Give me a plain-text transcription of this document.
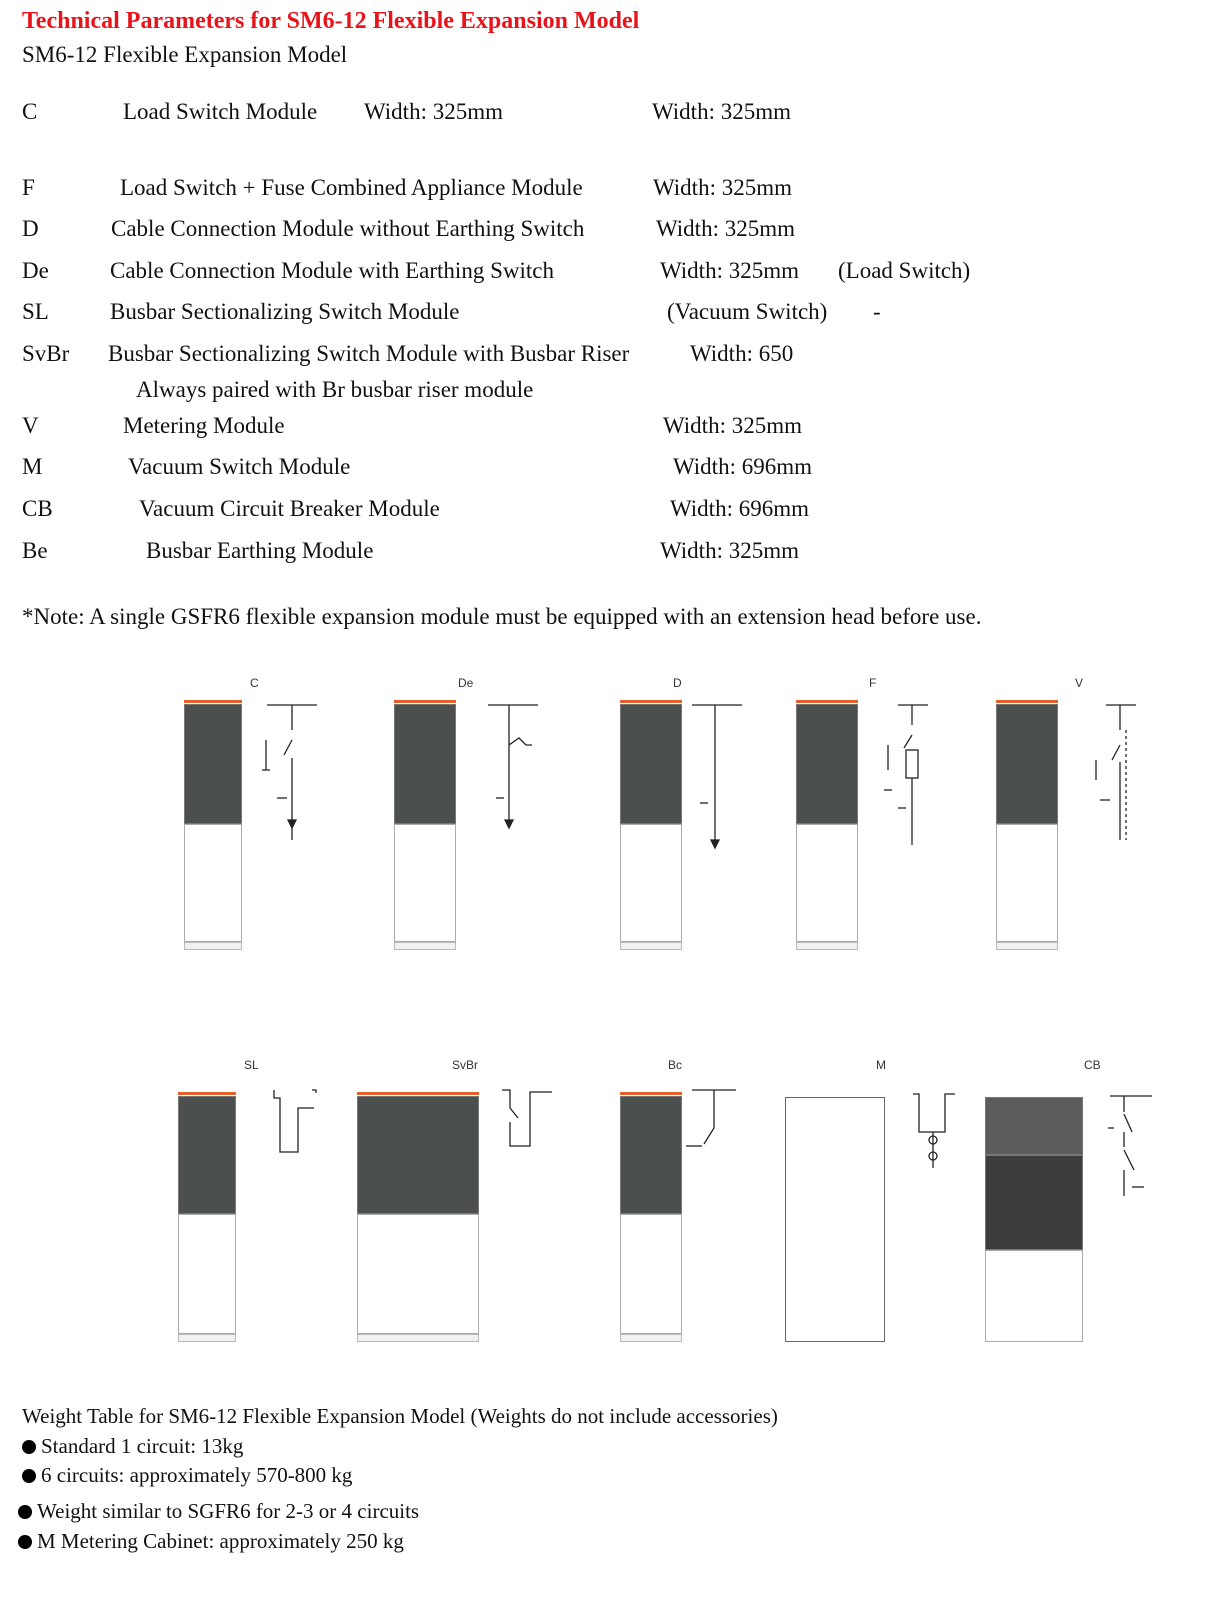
Technical Parameters for SM6-12 Flexible Expansion Model
SM6-12 Flexible Expansion Model
C	Load Switch Module Width: 325mm	Width: 325mm
F	Load Switch + Fuse Combined Appliance Module	Width: 325mm
D	Cable Connection Module without Earthing Switch	Width: 325mm
De	Cable Connection Module with Earthing Switch	Width: 325mm (Load Switch)
SL	Busbar Sectionalizing Switch Module	(Vacuum Switch) -
SvBr Busbar Sectionalizing Switch Module with Busbar Riser	Width: 650
Always paired with Br busbar riser module
V	Metering Module	Width: 325mm
M	Vacuum Switch Module	Width: 696mm
CB	Vacuum Circuit Breaker Module	Width: 696mm
Be	Busbar Earthing Module	Width: 325mm
*Note: A single GSFR6 flexible expansion module must be equipped with an extension head before use.
C	De	D	F	V
SL	SvBr	Bc	M	CB
Weight Table for SM6-12 Flexible Expansion Model (Weights do not include accessories)
Standard 1 circuit: 13kg
6 circuits: approximately 570-800 kg
Weight similar to SGFR6 for 2-3 or 4 circuits
M Metering Cabinet: approximately 250 kg
